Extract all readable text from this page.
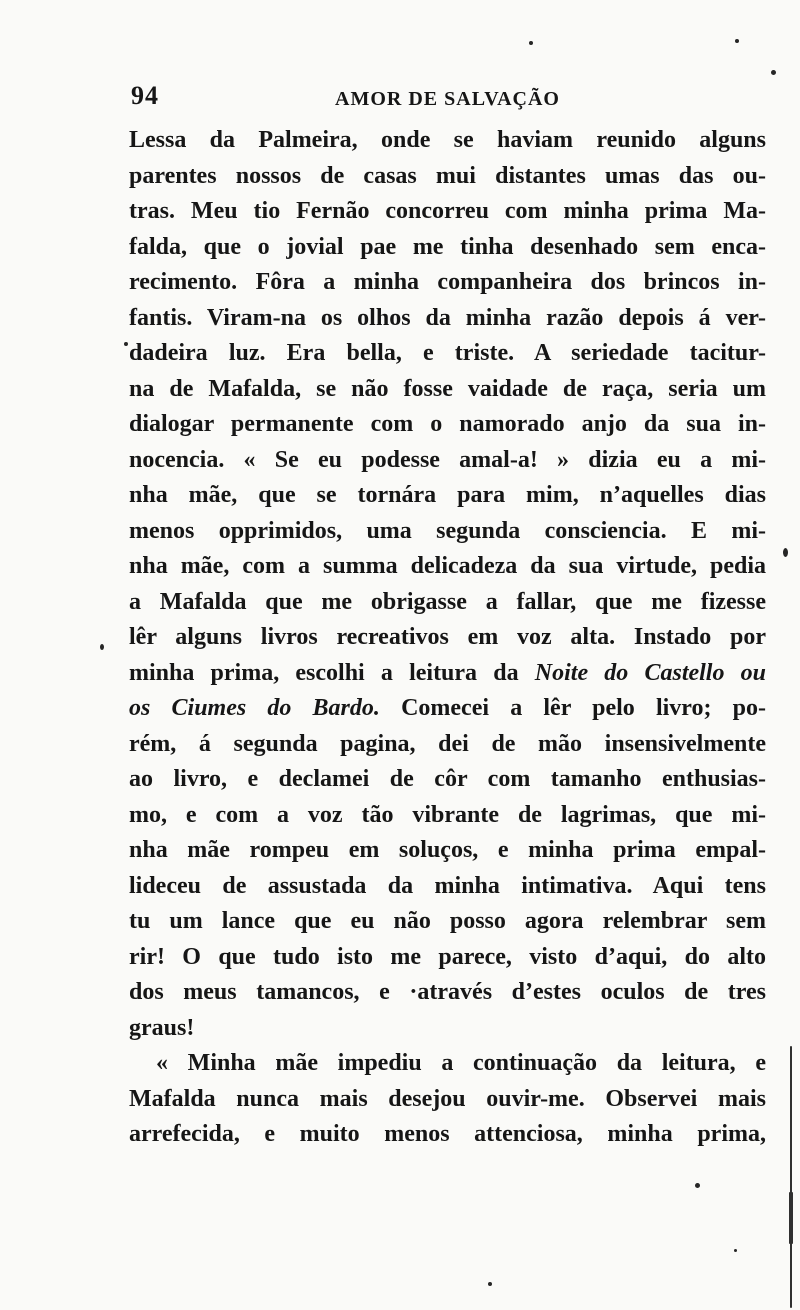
94	AMOR DE SALVAÇÃO
Lessa da Palmeira, onde se haviam reunido alguns
parentes nossos de casas mui distantes umas das ou-
tras. Meu tio Fernão concorreu com minha prima Ma-
falda, que o jovial pae me tinha desenhado sem enca-
recimento. Fôra a minha companheira dos brincos in-
fantis. Viram-na os olhos da minha razão depois á ver-
dadeira luz. Era bella, e triste. A seriedade tacitur-
na de Mafalda, se não fosse vaidade de raça, seria um
dialogar permanente com o namorado anjo da sua in-
nocencia. « Se eu podesse amal-a! » dizia eu a mi-
nha mãe, que se tornára para mim, n’aquelles dias
menos opprimidos, uma segunda consciencia. E mi-
nha mãe, com a summa delicadeza da sua virtude, pedia
a Mafalda que me obrigasse a fallar, que me fizesse
lêr alguns livros recreativos em voz alta. Instado por
minha prima, escolhi a leitura da Noite do Castello ou
os Ciumes do Bardo. Comecei a lêr pelo livro; po-
rém, á segunda pagina, dei de mão insensivelmente
ao livro, e declamei de côr com tamanho enthusias-
mo, e com a voz tão vibrante de lagrimas, que mi-
nha mãe rompeu em soluços, e minha prima empal-
lideceu de assustada da minha intimativa. Aqui tens
tu um lance que eu não posso agora relembrar sem
rir! O que tudo isto me parece, visto d’aqui, do alto
dos meus tamancos, e ·através d’estes oculos de tres
graus!
« Minha mãe impediu a continuação da leitura, e
Mafalda nunca mais desejou ouvir-me. Observei mais
arrefecida, e muito menos attenciosa, minha prima,
